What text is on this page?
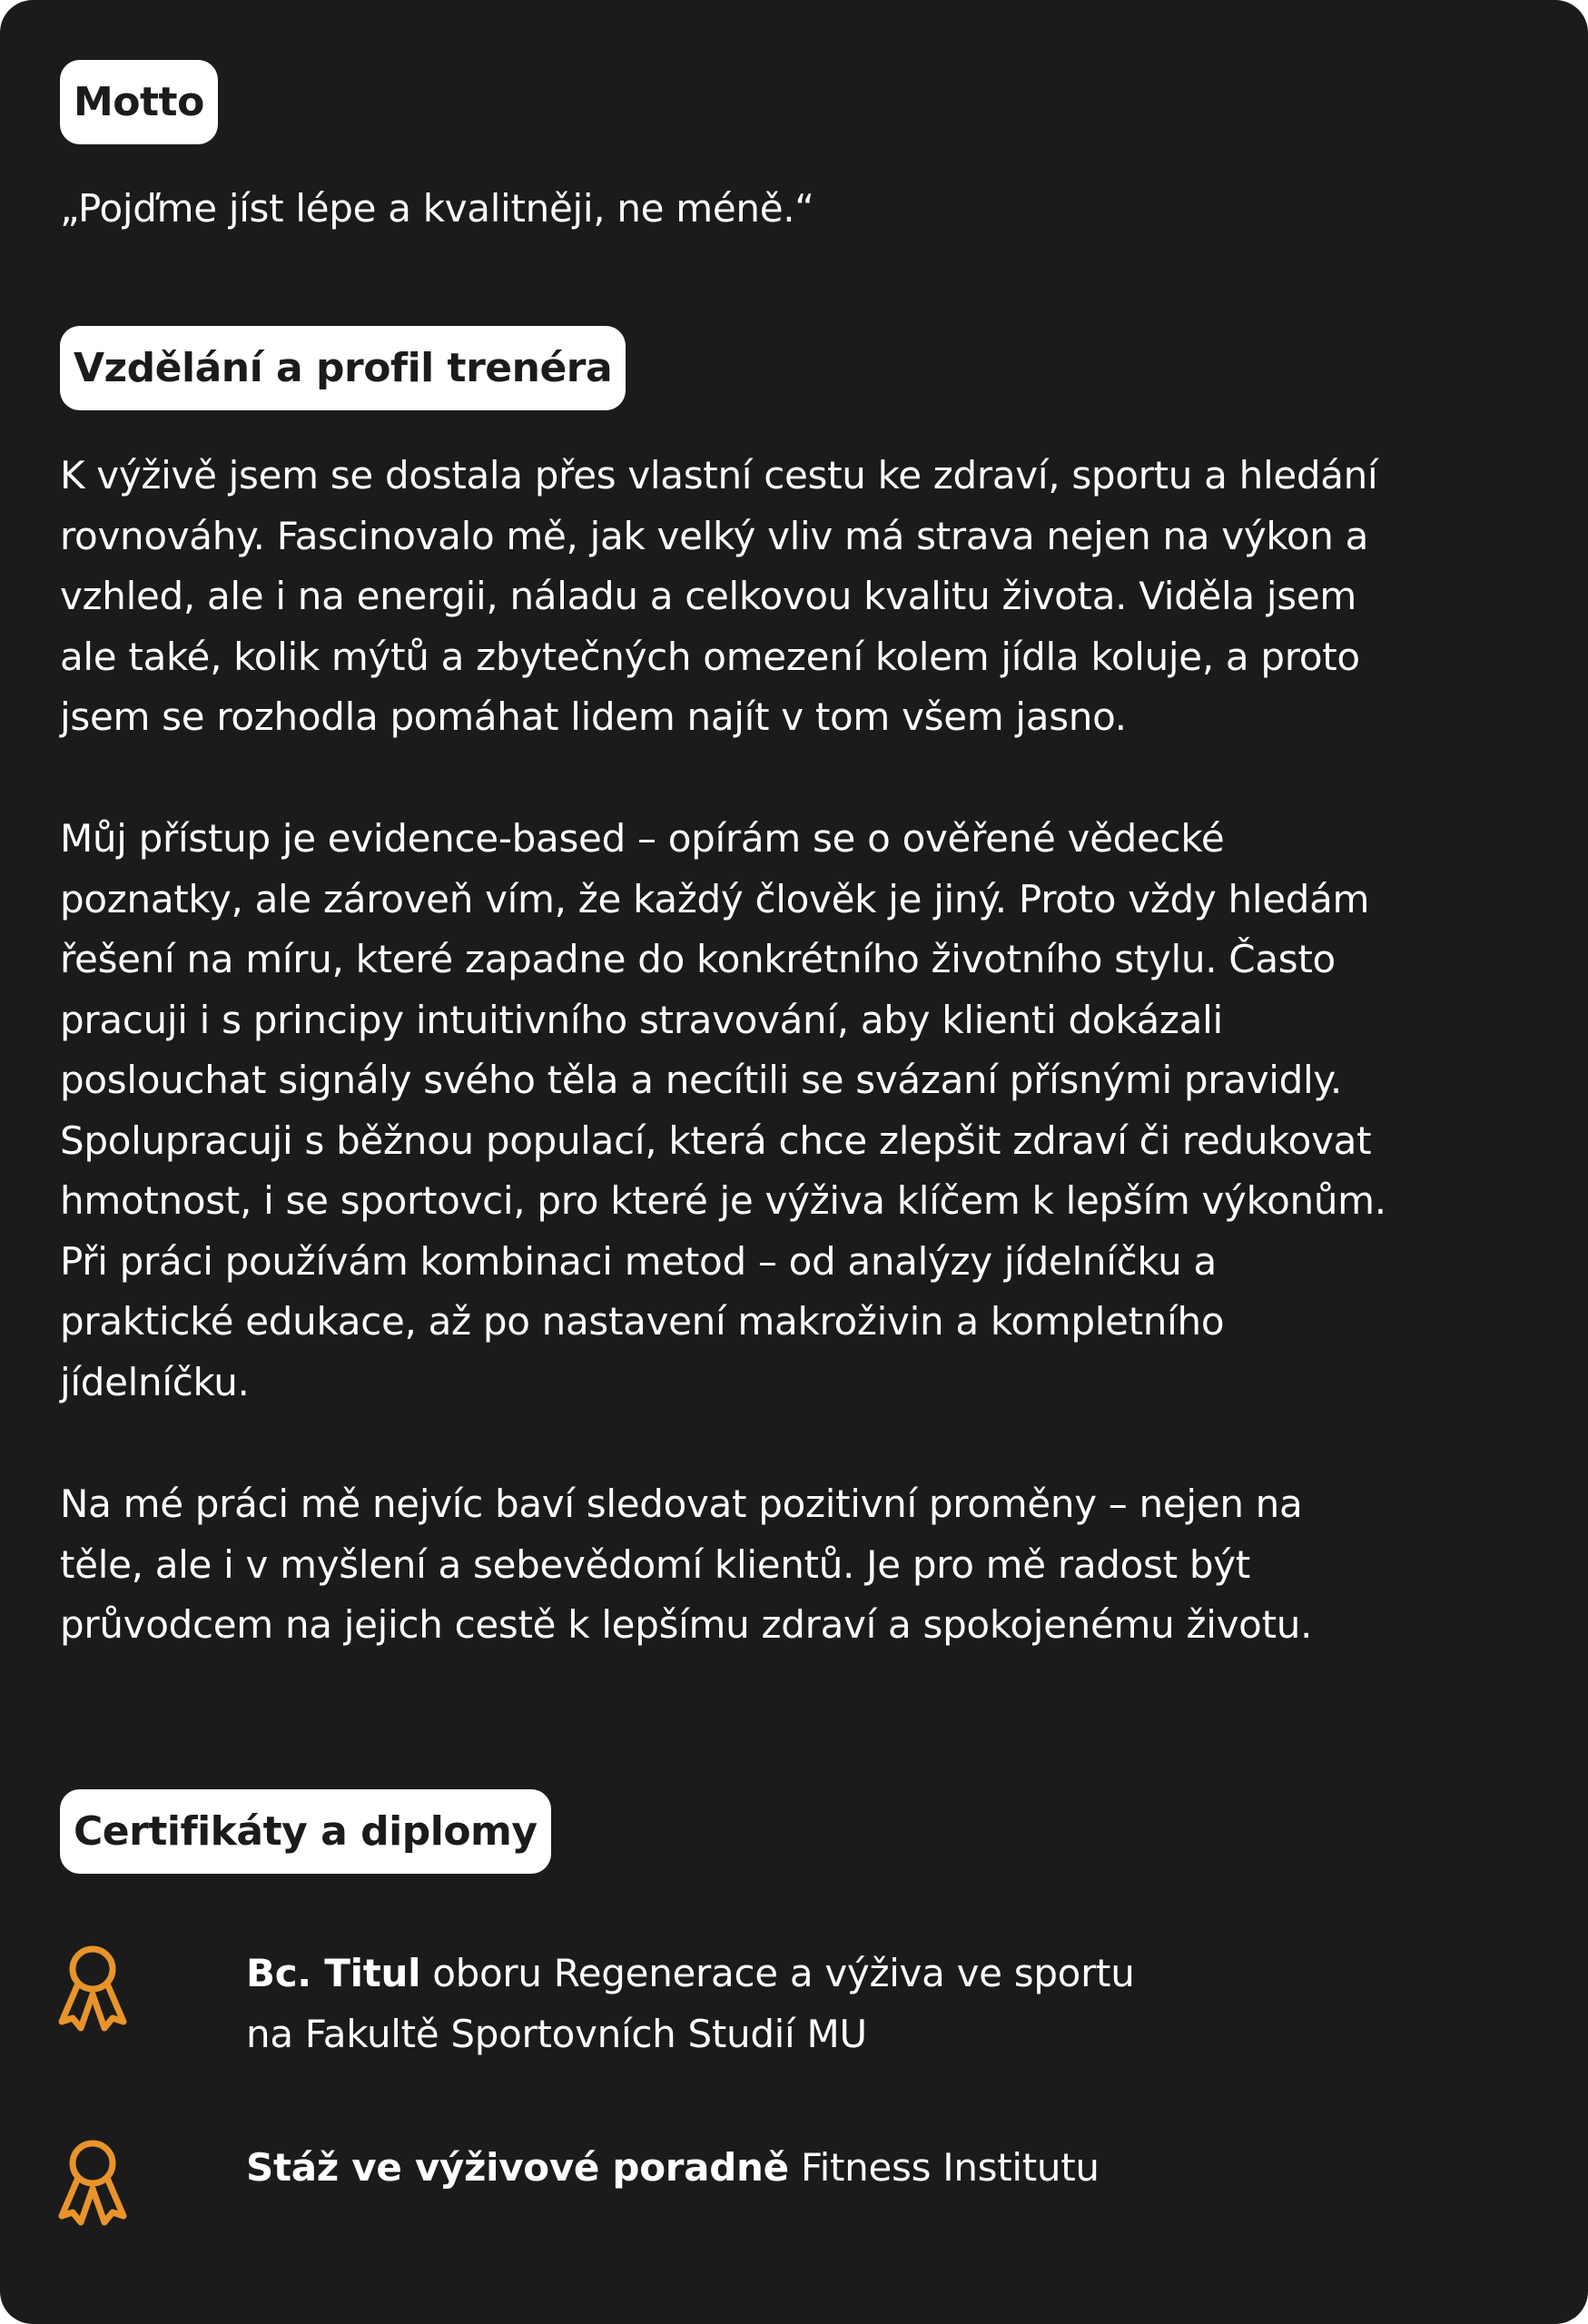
Motto
„Pojďme jíst lépe a kvalitněji, ne méně.“
Vzdělání a profil trenéra
K výživě jsem se dostala přes vlastní cestu ke zdraví, sportu a hledání
rovnováhy. Fascinovalo mě, jak velký vliv má strava nejen na výkon a
vzhled, ale i na energii, náladu a celkovou kvalitu života. Viděla jsem
ale také, kolik mýtů a zbytečných omezení kolem jídla koluje, a proto
jsem se rozhodla pomáhat lidem najít v tom všem jasno.
Můj přístup je evidence-based – opírám se o ověřené vědecké
poznatky, ale zároveň vím, že každý člověk je jiný. Proto vždy hledám
řešení na míru, které zapadne do konkrétního životního stylu. Často
pracuji i s principy intuitivního stravování, aby klienti dokázali
poslouchat signály svého těla a necítili se svázaní přísnými pravidly.
Spolupracuji s běžnou populací, která chce zlepšit zdraví či redukovat
hmotnost, i se sportovci, pro které je výživa klíčem k lepším výkonům.
Při práci používám kombinaci metod – od analýzy jídelníčku a
praktické edukace, až po nastavení makroživin a kompletního
jídelníčku.
Na mé práci mě nejvíc baví sledovat pozitivní proměny – nejen na
těle, ale i v myšlení a sebevědomí klientů. Je pro mě radost být
průvodcem na jejich cestě k lepšímu zdraví a spokojenému životu.
Certifikáty a diplomy
Bc. Titul oboru Regenerace a výživa ve sportu
na Fakultě Sportovních Studií MU
Stáž ve výživové poradně Fitness Institutu
